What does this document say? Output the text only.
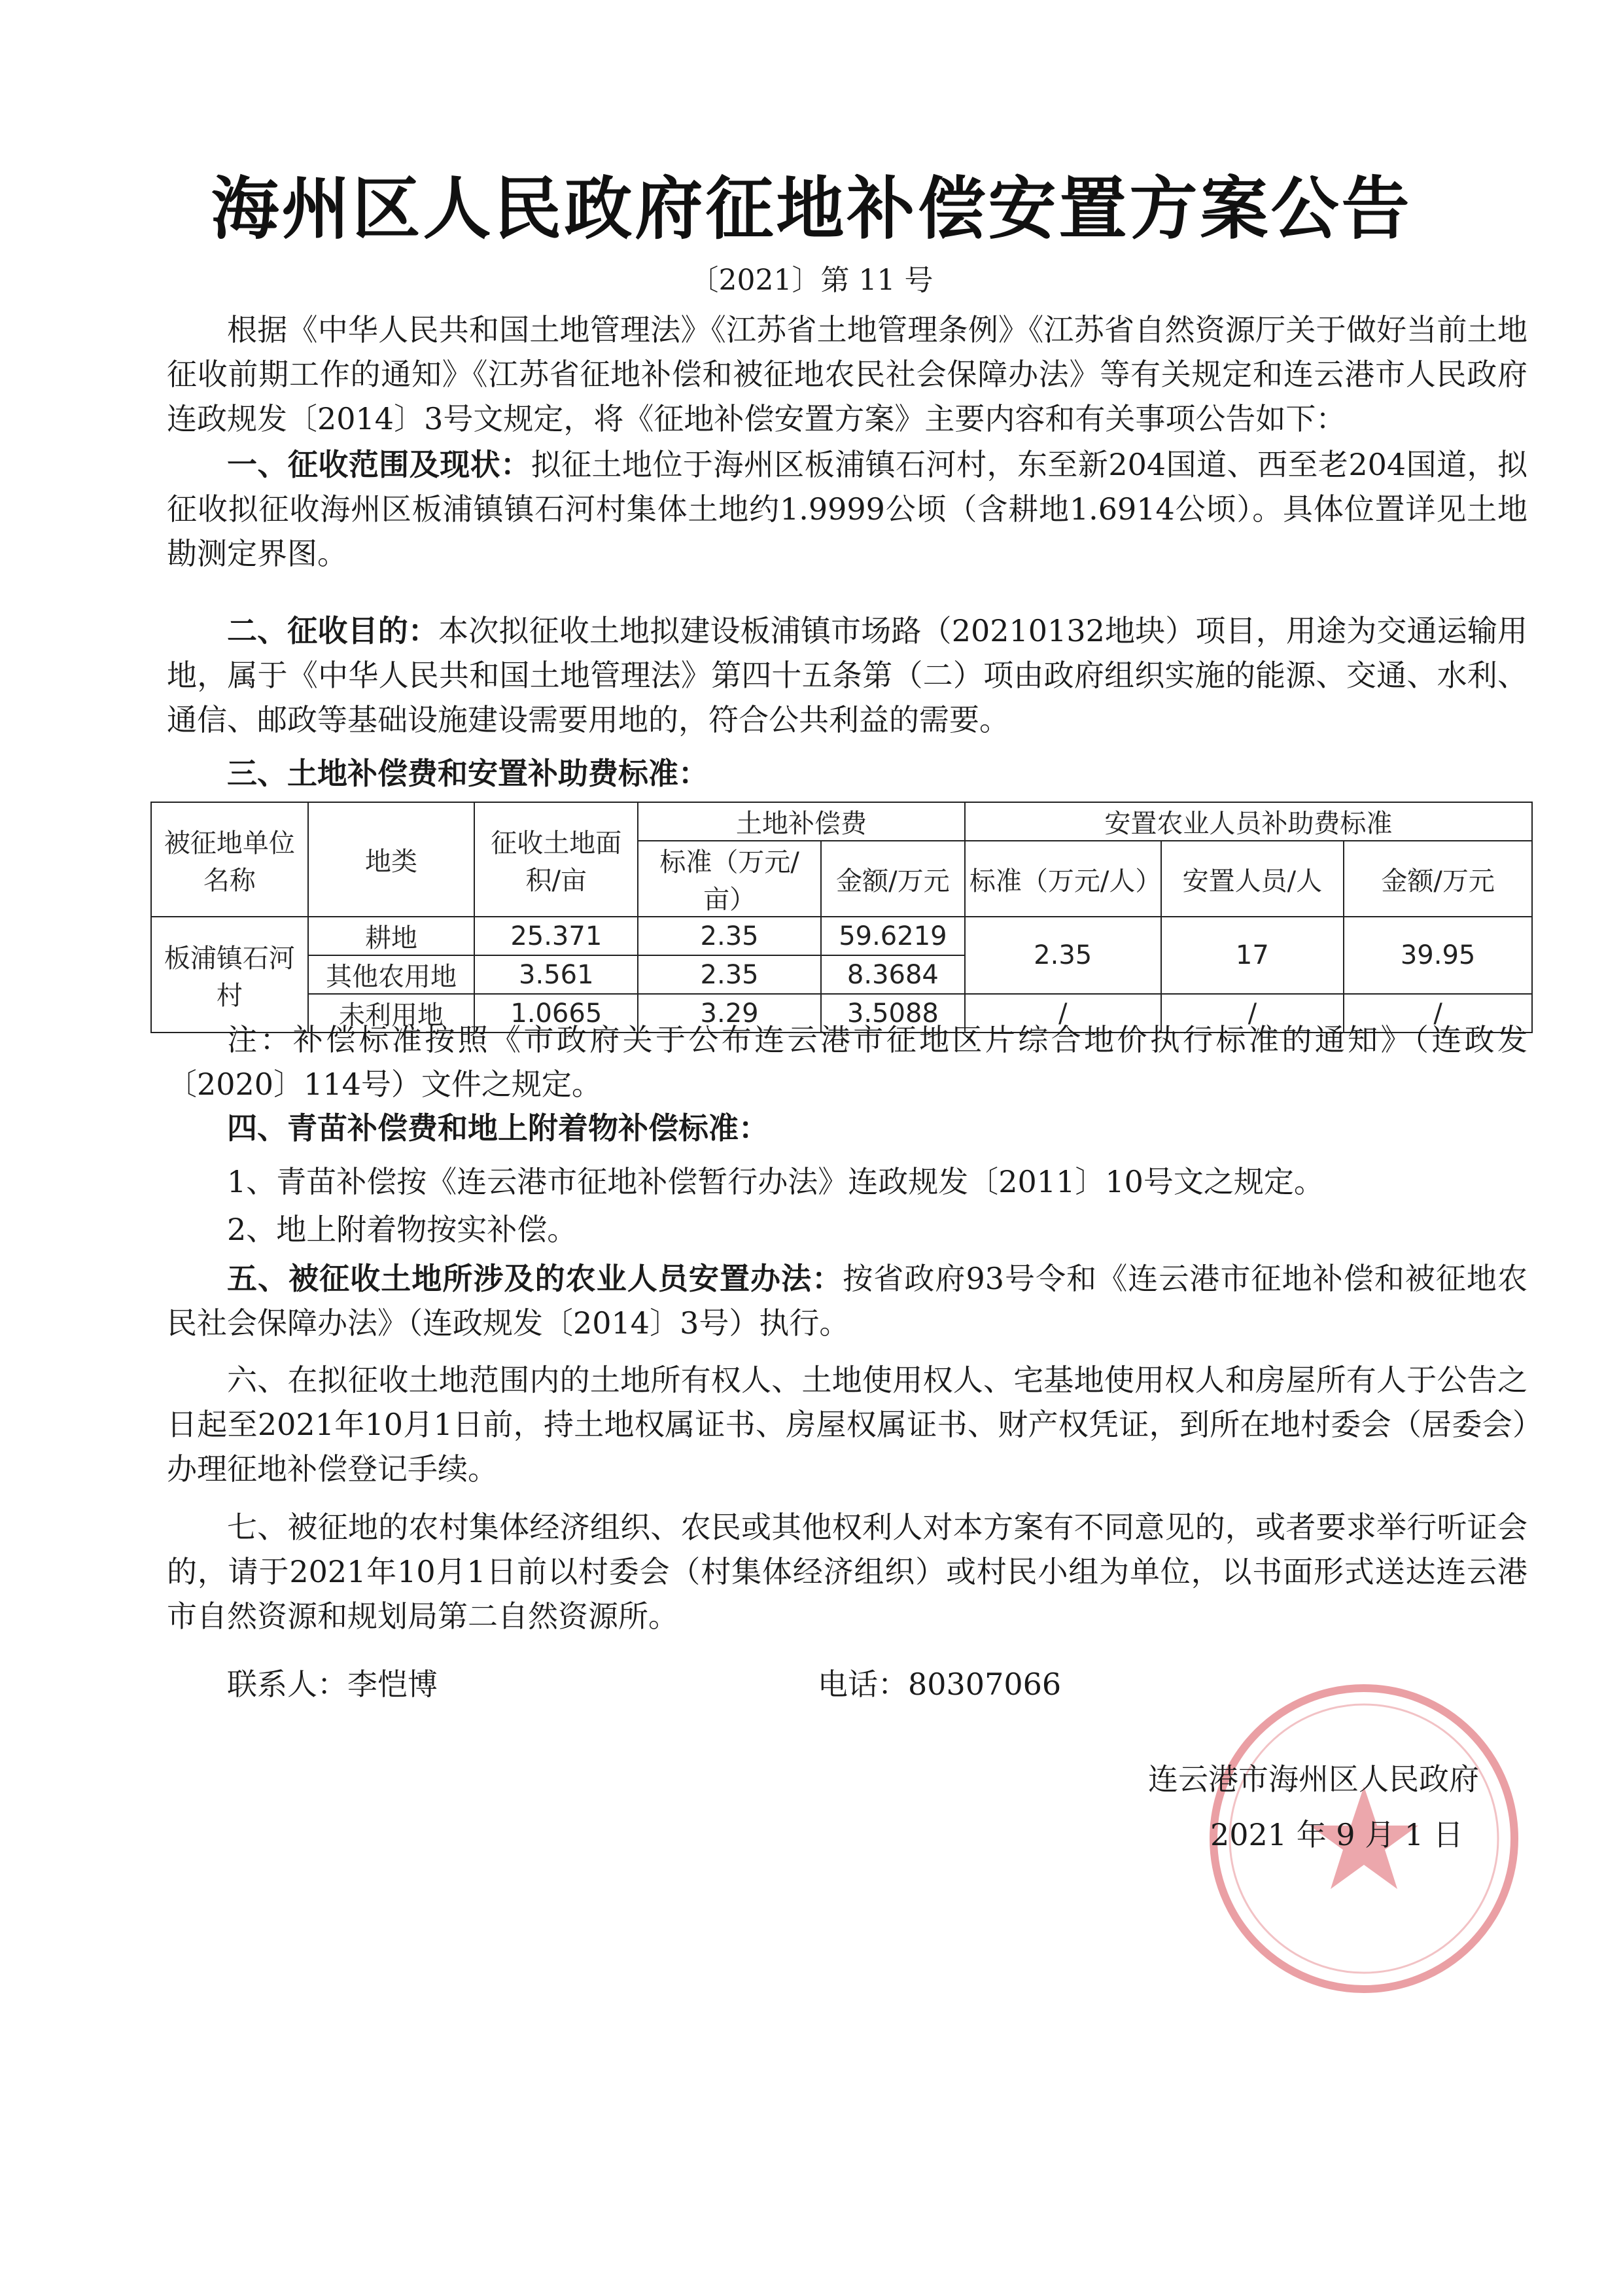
海州区人民政府征地补偿安置方案公告
〔2021〕第 11 号

根据《中华人民共和国土地管理法》《江苏省土地管理条例》《江苏省自然资源厅关于做好当前土地征收前期工作的通知》《江苏省征地补偿和被征地农民社会保障办法》等有关规定和连云港市人民政府连政规发〔2014〕3号文规定，将《征地补偿安置方案》主要内容和有关事项公告如下：

一、征收范围及现状：拟征土地位于海州区板浦镇石河村，东至新204国道、西至老204国道，拟征收拟征收海州区板浦镇镇石河村集体土地约1.9999公顷（含耕地1.6914公顷）。具体位置详见土地勘测定界图。

二、征收目的：本次拟征收土地拟建设板浦镇市场路（20210132地块）项目，用途为交通运输用地，属于《中华人民共和国土地管理法》第四十五条第（二）项由政府组织实施的能源、交通、水利、通信、邮政等基础设施建设需要用地的，符合公共利益的需要。

三、土地补偿费和安置补助费标准：

被征地单位名称	地类	征收土地面积/亩	土地补偿费		安置农业人员补助费标准		
			标准（万元/亩）	金额/万元	标准（万元/人）	安置人员/人	金额/万元
板浦镇石河村	耕地	25.371	2.35	59.6219	2.35	17	39.95
	其他农用地	3.561	2.35	8.3684			
	未利用地	1.0665	3.29	3.5088	/	/	/

注：补偿标准按照《市政府关于公布连云港市征地区片综合地价执行标准的通知》（连政发〔2020〕114号）文件之规定。

四、青苗补偿费和地上附着物补偿标准：
1、青苗补偿按《连云港市征地补偿暂行办法》连政规发〔2011〕10号文之规定。
2、地上附着物按实补偿。

五、被征收土地所涉及的农业人员安置办法：按省政府93号令和《连云港市征地补偿和被征地农民社会保障办法》（连政规发〔2014〕3号）执行。

六、在拟征收土地范围内的土地所有权人、土地使用权人、宅基地使用权人和房屋所有人于公告之日起至2021年10月1日前，持土地权属证书、房屋权属证书、财产权凭证，到所在地村委会（居委会）办理征地补偿登记手续。

七、被征地的农村集体经济组织、农民或其他权利人对本方案有不同意见的，或者要求举行听证会的，请于2021年10月1日前以村委会（村集体经济组织）或村民小组为单位，以书面形式送达连云港市自然资源和规划局第二自然资源所。

联系人：李恺博	电话：80307066
连云港市海州区人民政府
2021 年 9 月 1 日
